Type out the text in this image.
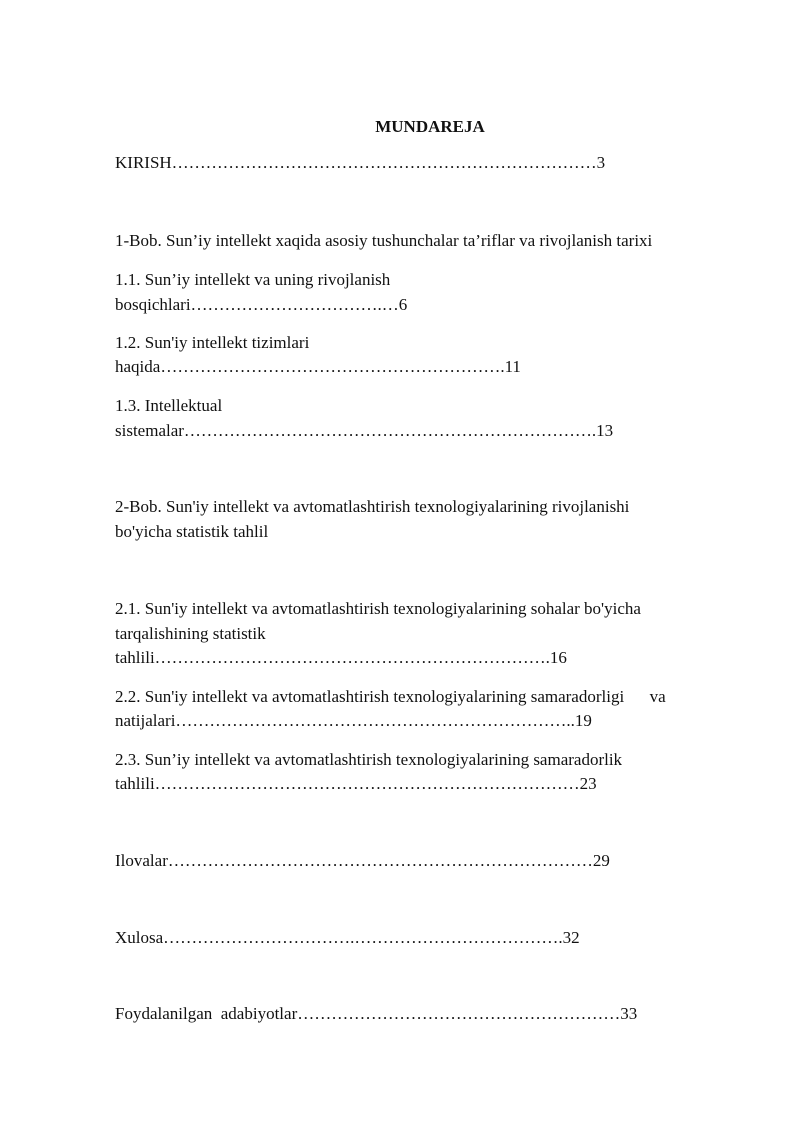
MUNDAREJA
KIRISH…………………………………………………………………3
1-Bob. Sun’iy intellekt xaqida asosiy tushunchalar ta’riflar va rivojlanish tarixi
1.1. Sun’iy intellekt va uning rivojlanish
bosqichlari…………………………….…6
1.2. Sun'iy intellekt tizimlari
haqida…………………………………………………….11
1.3. Intellektual
sistemalar……………………………………………………………….13
2-Bob. Sun'iy intellekt va avtomatlashtirish texnologiyalarining rivojlanishi
bo'yicha statistik tahlil
2.1. Sun'iy intellekt va avtomatlashtirish texnologiyalarining sohalar bo'yicha
tarqalishining statistik
tahlili…………………………………………………………….16
2.2. Sun'iy intellekt va avtomatlashtirish texnologiyalarining samaradorligi      va
natijalari……………………………………………………………..19
2.3. Sun’iy intellekt va avtomatlashtirish texnologiyalarining samaradorlik
tahlili…………………………………………………………………23
Ilovalar…………………………………………………………………29
Xulosa…………………………….……………………………….32
Foydalanilgan  adabiyotlar…………………………………………………33
